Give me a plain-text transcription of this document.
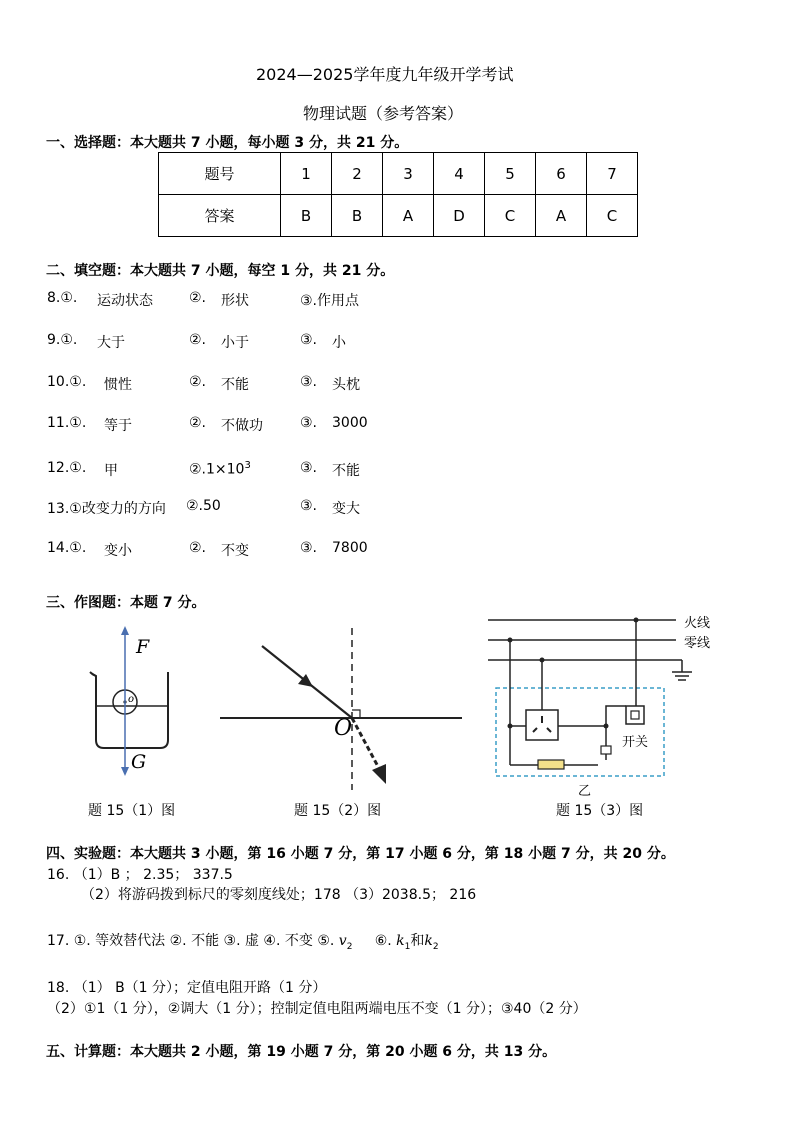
2024—2025学年度九年级开学考试
物理试题（参考答案）
一、选择题：本大题共 7 小题，每小题 3 分，共 21 分。
题号	1	2	3	4	5	6	7
答案	B	B	A	D	C	A	C
二、填空题：本大题共 7 小题，每空 1 分，共 21 分。
8.①. 运动状态	②. 形状	③.作用点
9.①. 大于	②. 小于	③. 小
10.①. 惯性	②. 不能	③. 头枕
11.①. 等于	②. 不做功	③. 3000
12.①. 甲	$②.1\times 10^3$	③. 不能
13.①改变力的方向 ②.50	③. 变大
14.①. 变小	②. 不变	③. 7800
三、作图题：本题 7 分。
F
G
o
题 15（1）图
O
题 15（2）图
火线
零线
开关
乙
题 15（3）图
四、实验题：本大题共 3 小题，第 16 小题 7 分，第 17 小题 6 分，第 18 小题 7 分，共 20 分。
16. （1）B ； 2.35； 337.5
（2）将游码拨到标尺的零刻度线处；178 （3）2038.5； 216
17. ①. 等效替代法 ②. 不能 ③. 虚 ④. 不变 ⑤. $v_2$     ⑥. $k_1$和$k_2$
18. （1） B（1 分）；定值电阻开路（1 分）
（2）①1（1 分），②调大（1 分）；控制定值电阻两端电压不变（1 分）；③40（2 分）
五、计算题：本大题共 2 小题，第 19 小题 7 分，第 20 小题 6 分，共 13 分。
